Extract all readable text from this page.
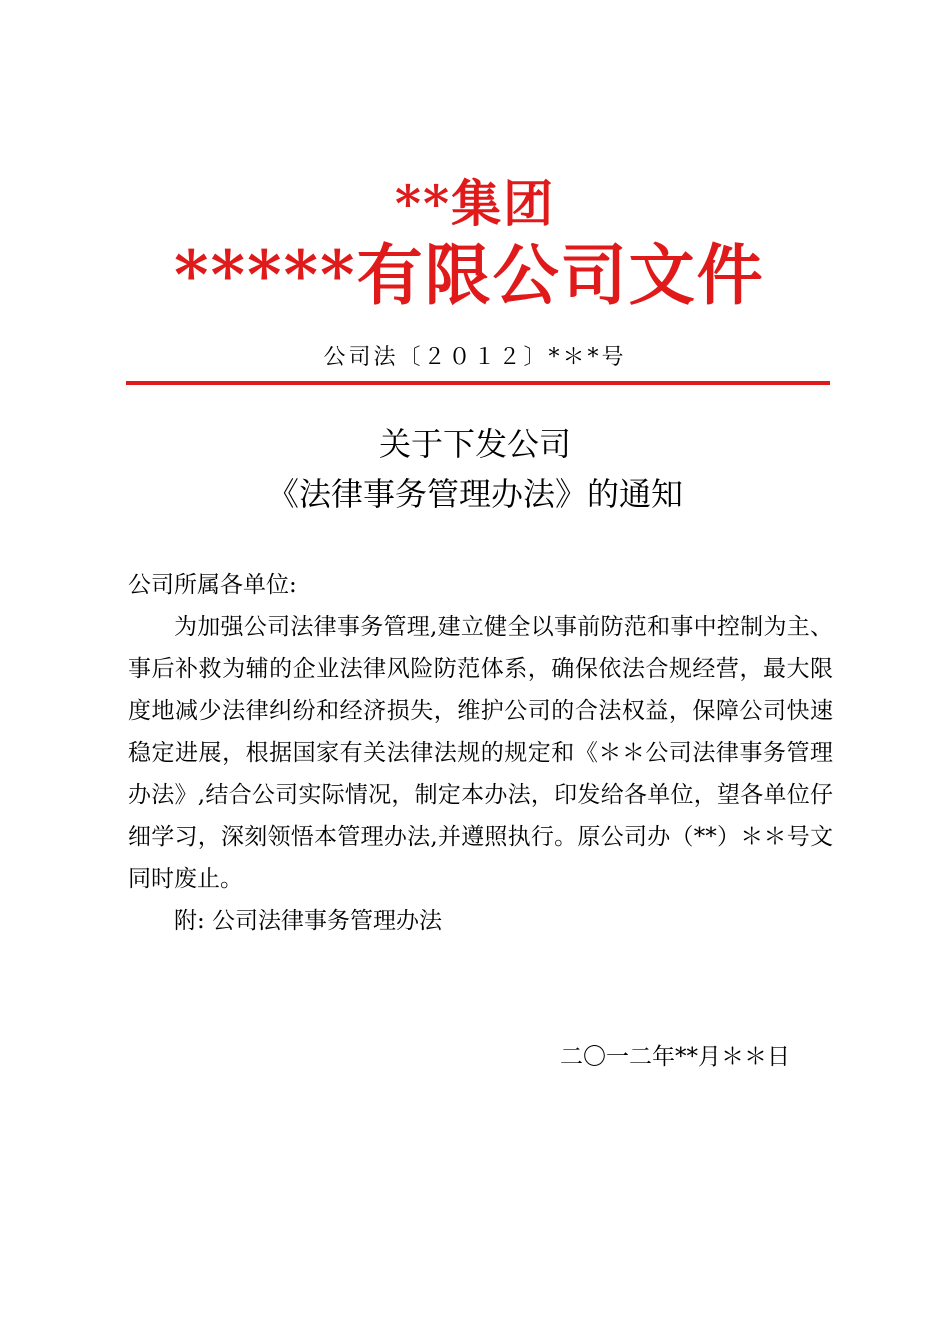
**集团
*****有限公司文件
公司法〔２０１２〕*＊*号
关于下发公司
《法律事务管理办法》的通知
公司所属各单位:
为加强公司法律事务管理,建立健全以事前防范和事中控制为主、事后补救为辅的企业法律风险防范体系，确保依法合规经营，最大限度地减少法律纠纷和经济损失，维护公司的合法权益，保障公司快速稳定进展，根据国家有关法律法规的规定和《＊＊公司法律事务管理办法》,结合公司实际情况，制定本办法，印发给各单位，望各单位仔细学习，深刻领悟本管理办法,并遵照执行。原公司办（**）＊＊号文同时废止。
附: 公司法律事务管理办法
二〇一二年**月＊＊日
